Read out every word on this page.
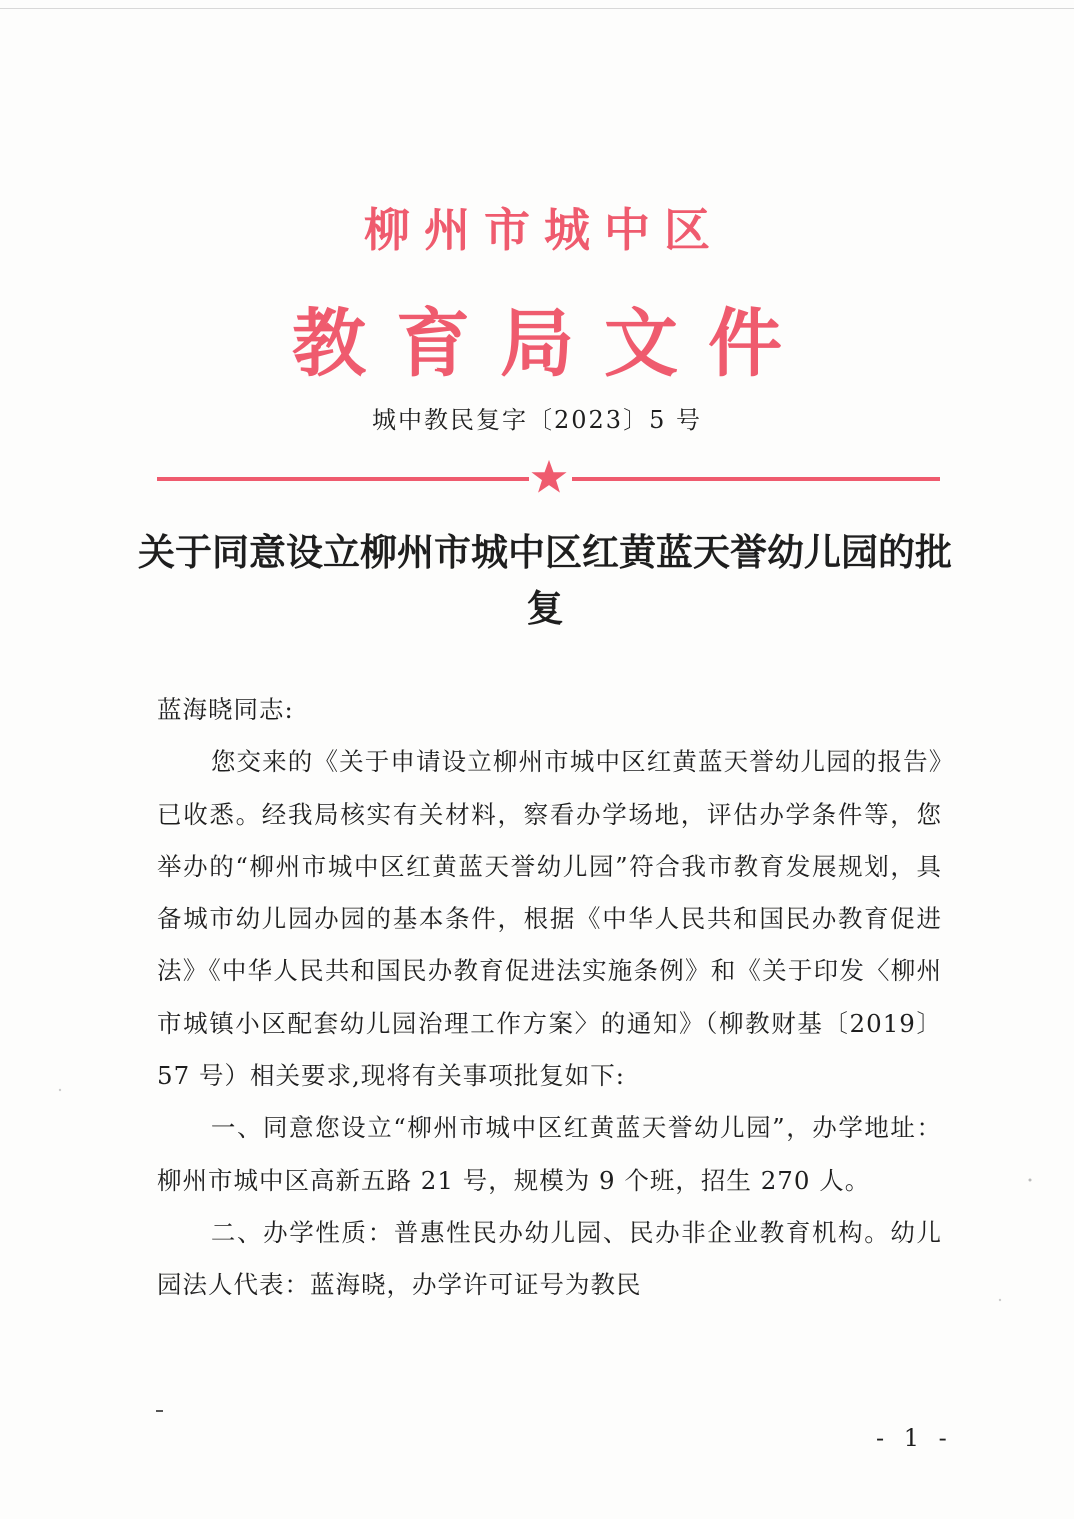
柳州市城中区
教育局文件
城中教民复字〔2023〕5 号
关于同意设立柳州市城中区红黄蓝天誉幼儿园的批复

蓝海晓同志:

您交来的《关于申请设立柳州市城中区红黄蓝天誉幼儿园的报告》已收悉。经我局核实有关材料，察看办学场地，评估办学条件等，您举办的“柳州市城中区红黄蓝天誉幼儿园”符合我市教育发展规划，具备城市幼儿园办园的基本条件，根据《中华人民共和国民办教育促进法》《中华人民共和国民办教育促进法实施条例》和《关于印发〈柳州市城镇小区配套幼儿园治理工作方案〉的通知》（柳教财基〔2019〕57 号）相关要求,现将有关事项批复如下:

一、同意您设立“柳州市城中区红黄蓝天誉幼儿园”，办学地址：柳州市城中区高新五路 21 号，规模为 9 个班，招生 270 人。

二、办学性质：普惠性民办幼儿园、民办非企业教育机构。幼儿园法人代表：蓝海晓，办学许可证号为教民

- 1 -
